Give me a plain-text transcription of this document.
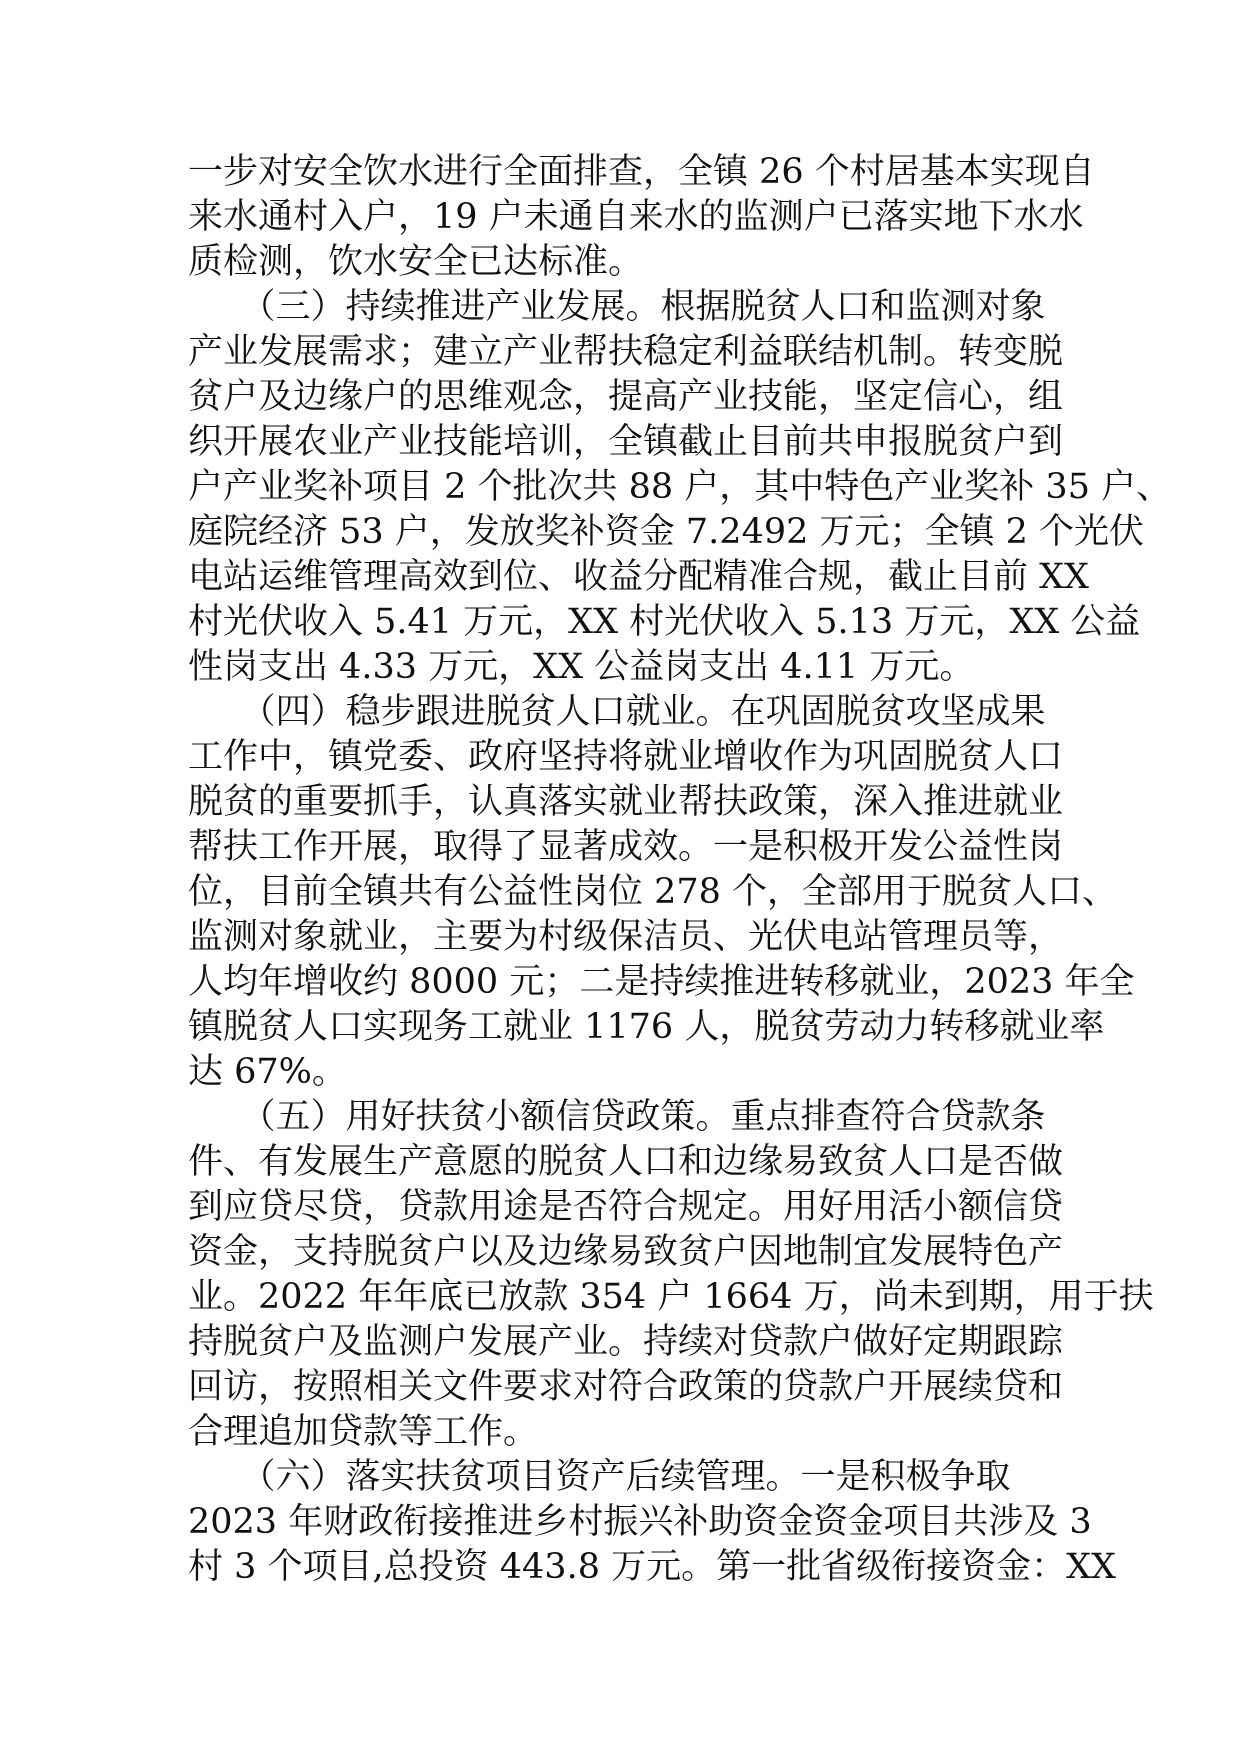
一步对安全饮水进行全面排查，全镇 26 个村居基本实现自

来水通村入户，19 户未通自来水的监测户已落实地下水水

质检测，饮水安全已达标准。

　　（三）持续推进产业发展。根据脱贫人口和监测对象

产业发展需求；建立产业帮扶稳定利益联结机制。转变脱

贫户及边缘户的思维观念，提高产业技能，坚定信心，组

织开展农业产业技能培训，全镇截止目前共申报脱贫户到

户产业奖补项目 2 个批次共 88 户，其中特色产业奖补 35 户、

庭院经济 53 户，发放奖补资金 7.2492 万元；全镇 2 个光伏

电站运维管理高效到位、收益分配精准合规，截止目前 XX

村光伏收入 5.41 万元，XX 村光伏收入 5.13 万元，XX 公益

性岗支出 4.33 万元，XX 公益岗支出 4.11 万元。

　　（四）稳步跟进脱贫人口就业。在巩固脱贫攻坚成果

工作中，镇党委、政府坚持将就业增收作为巩固脱贫人口

脱贫的重要抓手，认真落实就业帮扶政策，深入推进就业

帮扶工作开展，取得了显著成效。一是积极开发公益性岗

位，目前全镇共有公益性岗位 278 个，全部用于脱贫人口、

监测对象就业，主要为村级保洁员、光伏电站管理员等，

人均年增收约 8000 元；二是持续推进转移就业，2023 年全

镇脱贫人口实现务工就业 1176 人，脱贫劳动力转移就业率

达 67%。

　　（五）用好扶贫小额信贷政策。重点排查符合贷款条

件、有发展生产意愿的脱贫人口和边缘易致贫人口是否做

到应贷尽贷，贷款用途是否符合规定。用好用活小额信贷

资金，支持脱贫户以及边缘易致贫户因地制宜发展特色产

业。2022 年年底已放款 354 户 1664 万，尚未到期，用于扶

持脱贫户及监测户发展产业。持续对贷款户做好定期跟踪

回访，按照相关文件要求对符合政策的贷款户开展续贷和

合理追加贷款等工作。

　　（六）落实扶贫项目资产后续管理。一是积极争取

2023 年财政衔接推进乡村振兴补助资金资金项目共涉及 3

村 3 个项目,总投资 443.8 万元。第一批省级衔接资金：XX
